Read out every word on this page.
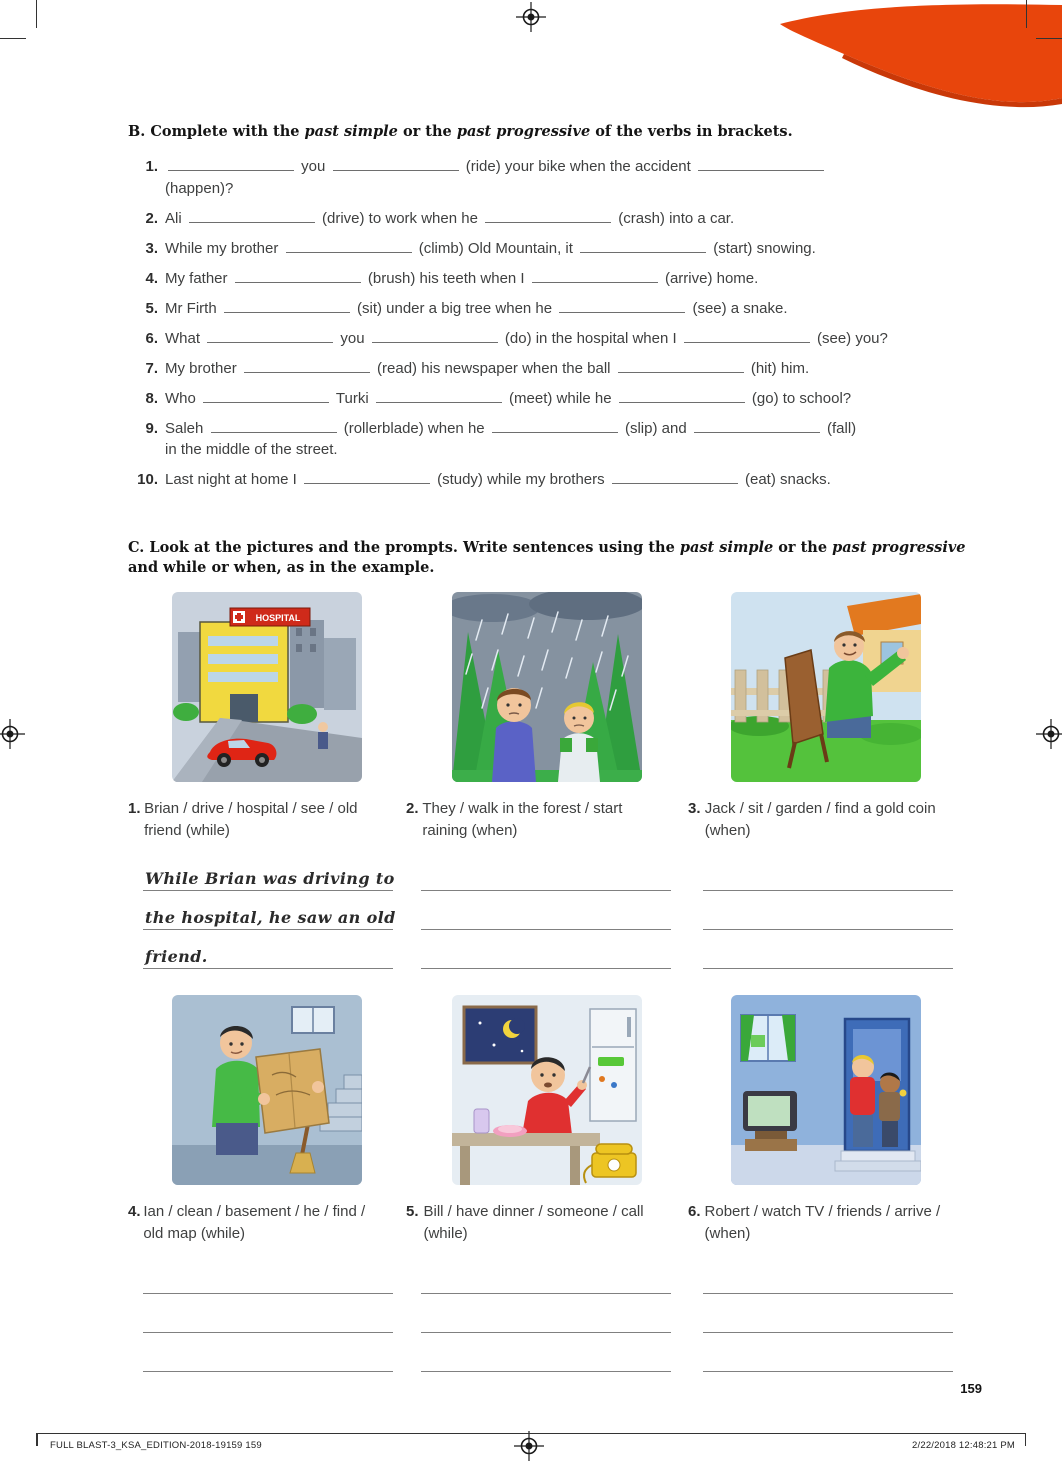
B. Complete with the past simple or the past progressive of the verbs in brackets.
1.	you	(ride) your bike when the accident
(happen)?
2. Ali	(drive) to work when he	(crash) into a car.
3. While my brother	(climb) Old Mountain, it	(start) snowing.
4. My father	(brush) his teeth when I	(arrive) home.
5. Mr Firth	(sit) under a big tree when he	(see) a snake.
6. What	you	(do) in the hospital when I	(see) you?
7. My brother	(read) his newspaper when the ball	(hit) him.
8. Who	Turki	(meet) while he	(go) to school?
9. Saleh	(rollerblade) when he	(slip) and	(fall)
in the middle of the street.
10. Last night at home I	(study) while my brothers	(eat) snacks.
C. Look at the pictures and the prompts. Write sentences using the past simple or the past progressive and while or when, as in the example.
HOSPITAL
1. Brian / drive / hospital / see / old friend (while)
While Brian was driving to
the hospital, he saw an old
friend.
2. They / walk in the forest / start raining (when)
3. Jack / sit / garden / find a gold coin (when)
4. Ian / clean / basement / he / find / old map (while)
5. Bill / have dinner / someone / call (while)
6. Robert / watch TV / friends / arrive / (when)
159
FULL BLAST-3_KSA_EDITION-2018-19159 159	2/22/2018 12:48:21 PM
